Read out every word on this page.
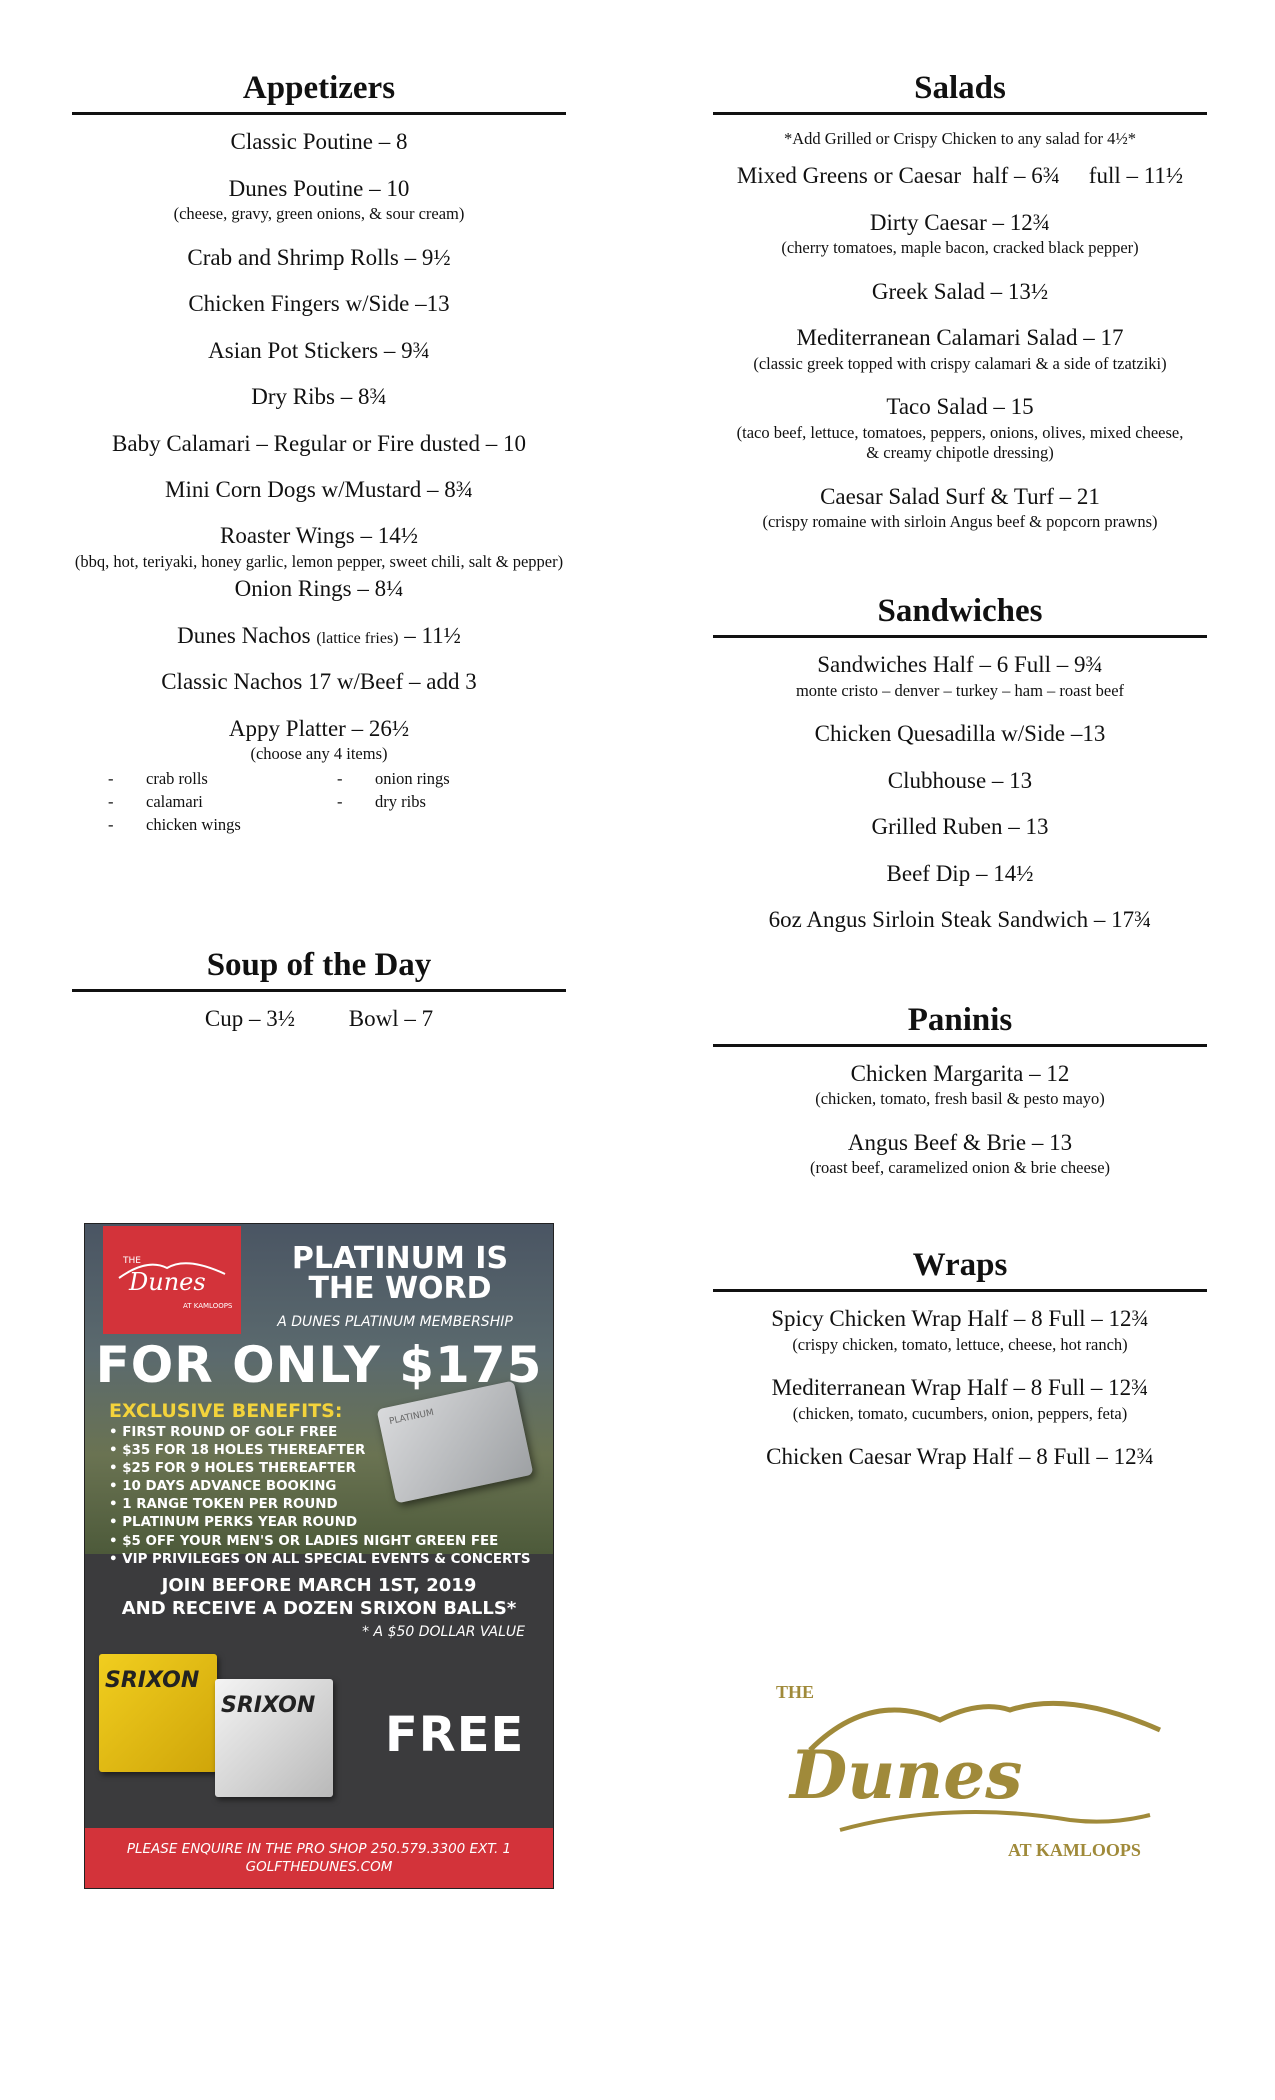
Appetizers
Classic Poutine – 8
Dunes Poutine – 10
(cheese, gravy, green onions, & sour cream)
Crab and Shrimp Rolls – 9½
Chicken Fingers w/Side –13
Asian Pot Stickers – 9¾
Dry Ribs – 8¾
Baby Calamari – Regular or Fire dusted – 10
Mini Corn Dogs w/Mustard – 8¾
Roaster Wings – 14½
(bbq, hot, teriyaki, honey garlic, lemon pepper, sweet chili, salt & pepper)
Onion Rings – 8¼
Dunes Nachos (lattice fries) – 11½
Classic Nachos 17 w/Beef – add 3
Appy Platter – 26½
(choose any 4 items)
- crab rolls	- onion rings
- calamari	- dry ribs
- chicken wings
Soup of the Day
Cup – 3½ Bowl – 7
THE
Dunes
AT KAMLOOPS
PLATINUM IS THE WORD
A DUNES PLATINUM MEMBERSHIP
FOR ONLY $175
PLATINUM
EXCLUSIVE BENEFITS:
• FIRST ROUND OF GOLF FREE
• $35 FOR 18 HOLES THEREAFTER
• $25 FOR 9 HOLES THEREAFTER
• 10 DAYS ADVANCE BOOKING
• 1 RANGE TOKEN PER ROUND
• PLATINUM PERKS YEAR ROUND
• $5 OFF YOUR MEN'S OR LADIES NIGHT GREEN FEE
• VIP PRIVILEGES ON ALL SPECIAL EVENTS & CONCERTS
JOIN BEFORE MARCH 1ST, 2019
AND RECEIVE A DOZEN SRIXON BALLS*
* A $50 DOLLAR VALUE
SRIXON
SRIXON
FREE
PLEASE ENQUIRE IN THE PRO SHOP 250.579.3300 EXT. 1
GOLFTHEDUNES.COM
Salads
*Add Grilled or Crispy Chicken to any salad for 4½*
Mixed Greens or Caesar  half – 6¾     full – 11½
Dirty Caesar – 12¾
(cherry tomatoes, maple bacon, cracked black pepper)
Greek Salad – 13½
Mediterranean Calamari Salad – 17
(classic greek topped with crispy calamari & a side of tzatziki)
Taco Salad – 15
(taco beef, lettuce, tomatoes, peppers, onions, olives, mixed cheese, & creamy chipotle dressing)
Caesar Salad Surf & Turf – 21
(crispy romaine with sirloin Angus beef & popcorn prawns)
Sandwiches
Sandwiches Half – 6 Full – 9¾
monte cristo – denver – turkey – ham – roast beef
Chicken Quesadilla w/Side –13
Clubhouse – 13
Grilled Ruben – 13
Beef Dip – 14½
6oz Angus Sirloin Steak Sandwich – 17¾
Paninis
Chicken Margarita – 12
(chicken, tomato, fresh basil & pesto mayo)
Angus Beef & Brie – 13
(roast beef, caramelized onion & brie cheese)
Wraps
Spicy Chicken Wrap Half – 8 Full – 12¾
(crispy chicken, tomato, lettuce, cheese, hot ranch)
Mediterranean Wrap Half – 8 Full – 12¾
(chicken, tomato, cucumbers, onion, peppers, feta)
Chicken Caesar Wrap Half – 8 Full – 12¾
THE
Dunes
AT KAMLOOPS
